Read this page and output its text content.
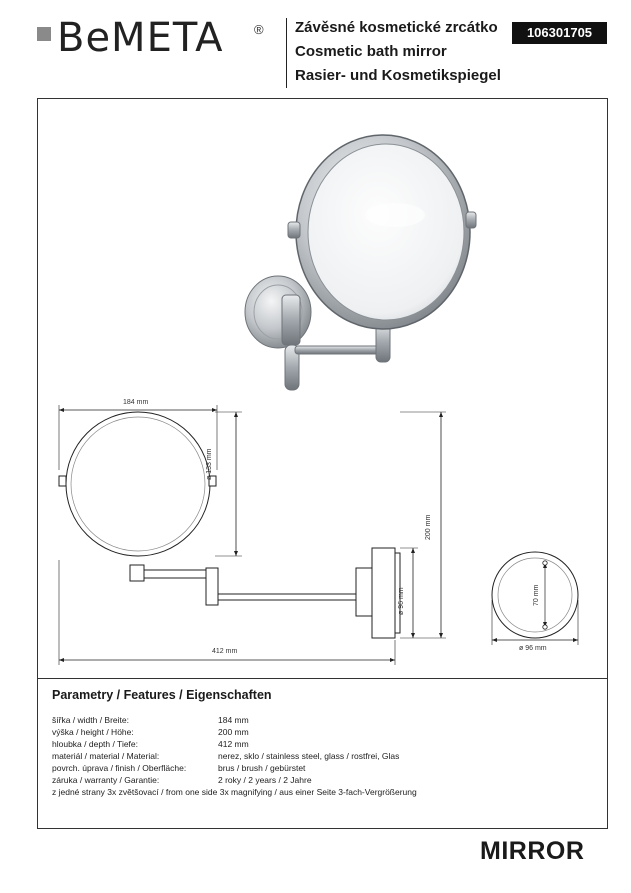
BeMETA ® Závěsné kosmetické zrcátko
Cosmetic bath mirror
Rasier- und Kosmetikspiegel
106301705
184 mm
ø 133 mm
200 mm
ø 96 mm
412 mm	ø 96 mm
70 mm
Parametry / Features / Eigenschaften
šířka / width / Breite:	184 mm
výška / height / Höhe:	200 mm
hloubka / depth / Tiefe:	412 mm
materiál / material / Material:	nerez, sklo / stainless steel, glass / rostfrei, Glas
povrch. úprava / finish / Oberfläche:	brus / brush / gebürstet
záruka / warranty / Garantie:	2 roky / 2 years / 2 Jahre
z jedné strany 3x zvětšovací / from one side 3x magnifying / aus einer Seite 3-fach-Vergrößerung
MIRROR
